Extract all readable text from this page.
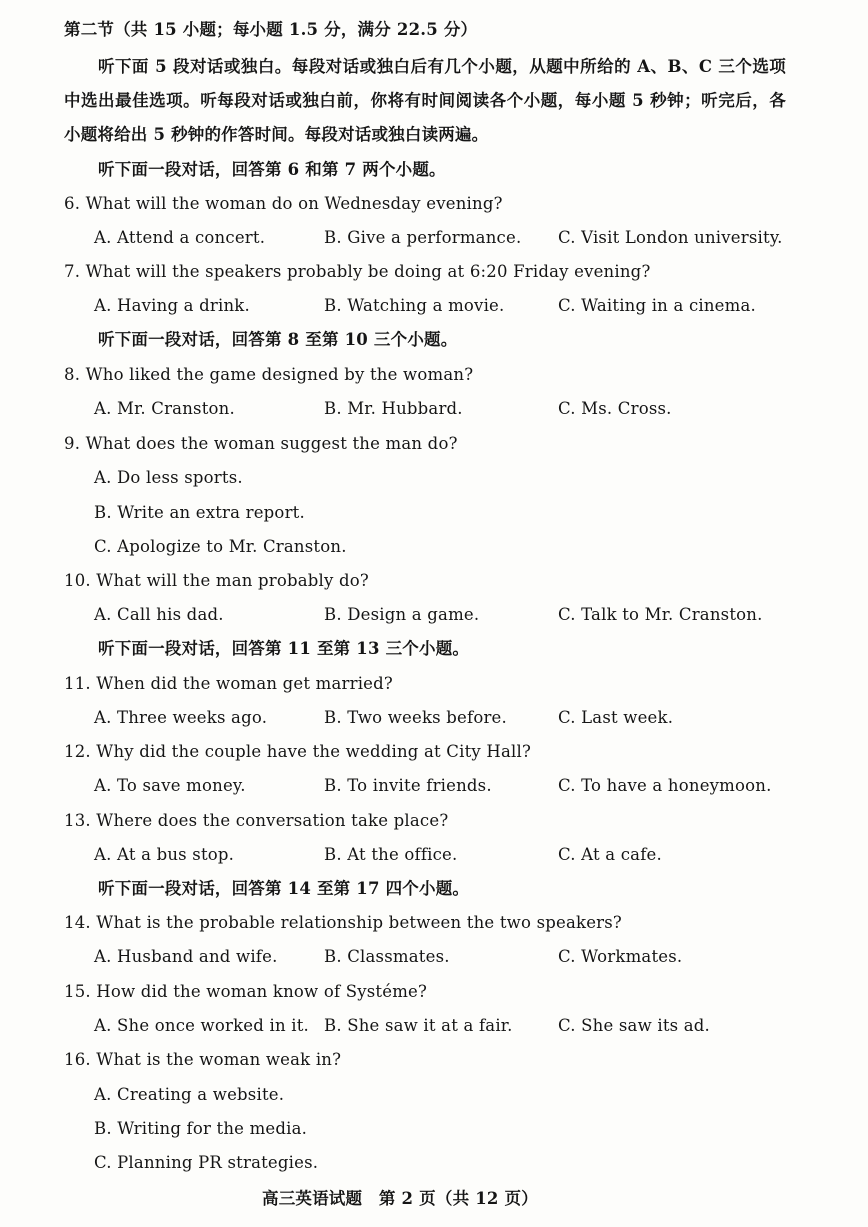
第二节（共 15 小题；每小题 1.5 分，满分 22.5 分）
听下面 5 段对话或独白。每段对话或独白后有几个小题，从题中所给的 A、B、C 三个选项中选出最佳选项。听每段对话或独白前，你将有时间阅读各个小题，每小题 5 秒钟；听完后，各小题将给出 5 秒钟的作答时间。每段对话或独白读两遍。
听下面一段对话，回答第 6 和第 7 两个小题。
6. What will the woman do on Wednesday evening?
A. Attend a concert.	B. Give a performance. C. Visit London university.
7. What will the speakers probably be doing at 6:20 Friday evening?
A. Having a drink.	B. Watching a movie.	C. Waiting in a cinema.
听下面一段对话，回答第 8 至第 10 三个小题。
8. Who liked the game designed by the woman?
A. Mr. Cranston.	B. Mr. Hubbard.	C. Ms. Cross.
9. What does the woman suggest the man do?
A. Do less sports.
B. Write an extra report.
C. Apologize to Mr. Cranston.
10. What will the man probably do?
A. Call his dad.	B. Design a game.	C. Talk to Mr. Cranston.
听下面一段对话，回答第 11 至第 13 三个小题。
11. When did the woman get married?
A. Three weeks ago.	B. Two weeks before.	C. Last week.
12. Why did the couple have the wedding at City Hall?
A. To save money.	B. To invite friends.	C. To have a honeymoon.
13. Where does the conversation take place?
A. At a bus stop.	B. At the office.	C. At a cafe.
听下面一段对话，回答第 14 至第 17 四个小题。
14. What is the probable relationship between the two speakers?
A. Husband and wife.	B. Classmates.	C. Workmates.
15. How did the woman know of Systéme?
A. She once worked in it. B. She saw it at a fair.	C. She saw its ad.
16. What is the woman weak in?
A. Creating a website.
B. Writing for the media.
C. Planning PR strategies.
高三英语试题　第 2 页（共 12 页）
